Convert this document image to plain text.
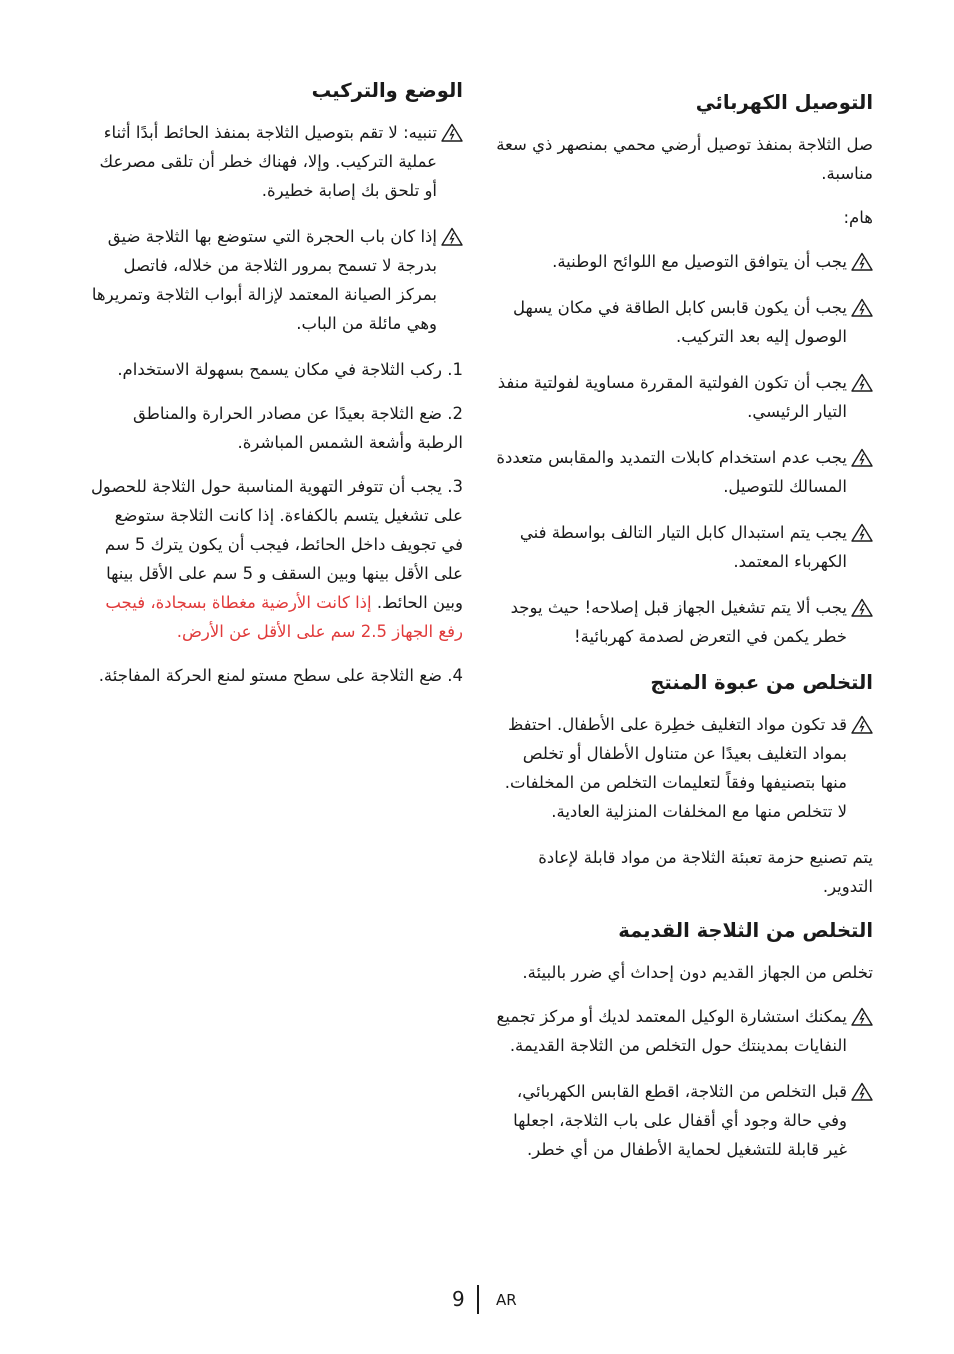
التوصيل الكهربائي

صل الثلاجة بمنفذ توصيل أرضي محمي بمنصهر ذي سعة مناسبة.

هام:

يجب أن يتوافق التوصيل مع اللوائح الوطنية.
يجب أن يكون قابس كابل الطاقة في مكان يسهل الوصول إليه بعد التركيب.
يجب أن تكون الفولتية المقررة مساوية لفولتية منفذ التيار الرئيسي.
يجب عدم استخدام كابلات التمديد والمقابس متعددة المسالك للتوصيل.
يجب يتم استبدال كابل التيار التالف بواسطة فني الكهرباء المعتمد.
يجب ألا يتم تشغيل الجهاز قبل إصلاحه! حيث يوجد خطر يكمن في التعرض لصدمة كهربائية!
التخلص من عبوة المنتج
قد تكون مواد التغليف خطِرة على الأطفال. احتفظ بمواد التغليف بعيدًا عن متناول الأطفال أو تخلص منها بتصنيفها وفقاً لتعليمات التخلص من المخلفات. لا تتخلص منها مع المخلفات المنزلية العادية.

يتم تصنيع حزمة تعبئة الثلاجة من مواد قابلة لإعادة التدوير.

التخلص من الثلاجة القديمة

تخلص من الجهاز القديم دون إحداث أي ضرر بالبيئة.

يمكنك استشارة الوكيل المعتمد لديك أو مركز تجميع النفايات بمدينتك حول التخلص من الثلاجة القديمة.
قبل التخلص من الثلاجة، اقطع القابس الكهربائي، وفي حالة وجود أي أقفال على باب الثلاجة، اجعلها غير قابلة للتشغيل لحماية الأطفال من أي خطر.
الوضع والتركيب
تنبيه: لا تقم بتوصيل الثلاجة بمنفذ الحائط أبدًا أثناء عملية التركيب. وإلا، فهناك خطر أن تلقى مصرعك أو تلحق بك إصابة خطيرة.
إذا كان باب الحجرة التي ستوضع بها الثلاجة ضيق بدرجة لا تسمح بمرور الثلاجة من خلاله، فاتصل بمركز الصيانة المعتمد لإزالة أبواب الثلاجة وتمريرها وهي مائلة من الباب.

1. ركب الثلاجة في مكان يسمح بسهولة الاستخدام.

2. ضع الثلاجة بعيدًا عن مصادر الحرارة والمناطق الرطبة وأشعة الشمس المباشرة.

3. يجب أن تتوفر التهوية المناسبة حول الثلاجة للحصول على تشغيل يتسم بالكفاءة. إذا كانت الثلاجة ستوضع في تجويف داخل الحائط، فيجب أن يكون يترك 5 سم على الأقل بينها وبين السقف و 5 سم على الأقل بينها وبين الحائط. إذا كانت الأرضية مغطاة بسجادة، فيجب رفع الجهاز 2.5 سم على الأقل عن الأرض.

4. ضع الثلاجة على سطح مستو لمنع الحركة المفاجئة.

9 AR
